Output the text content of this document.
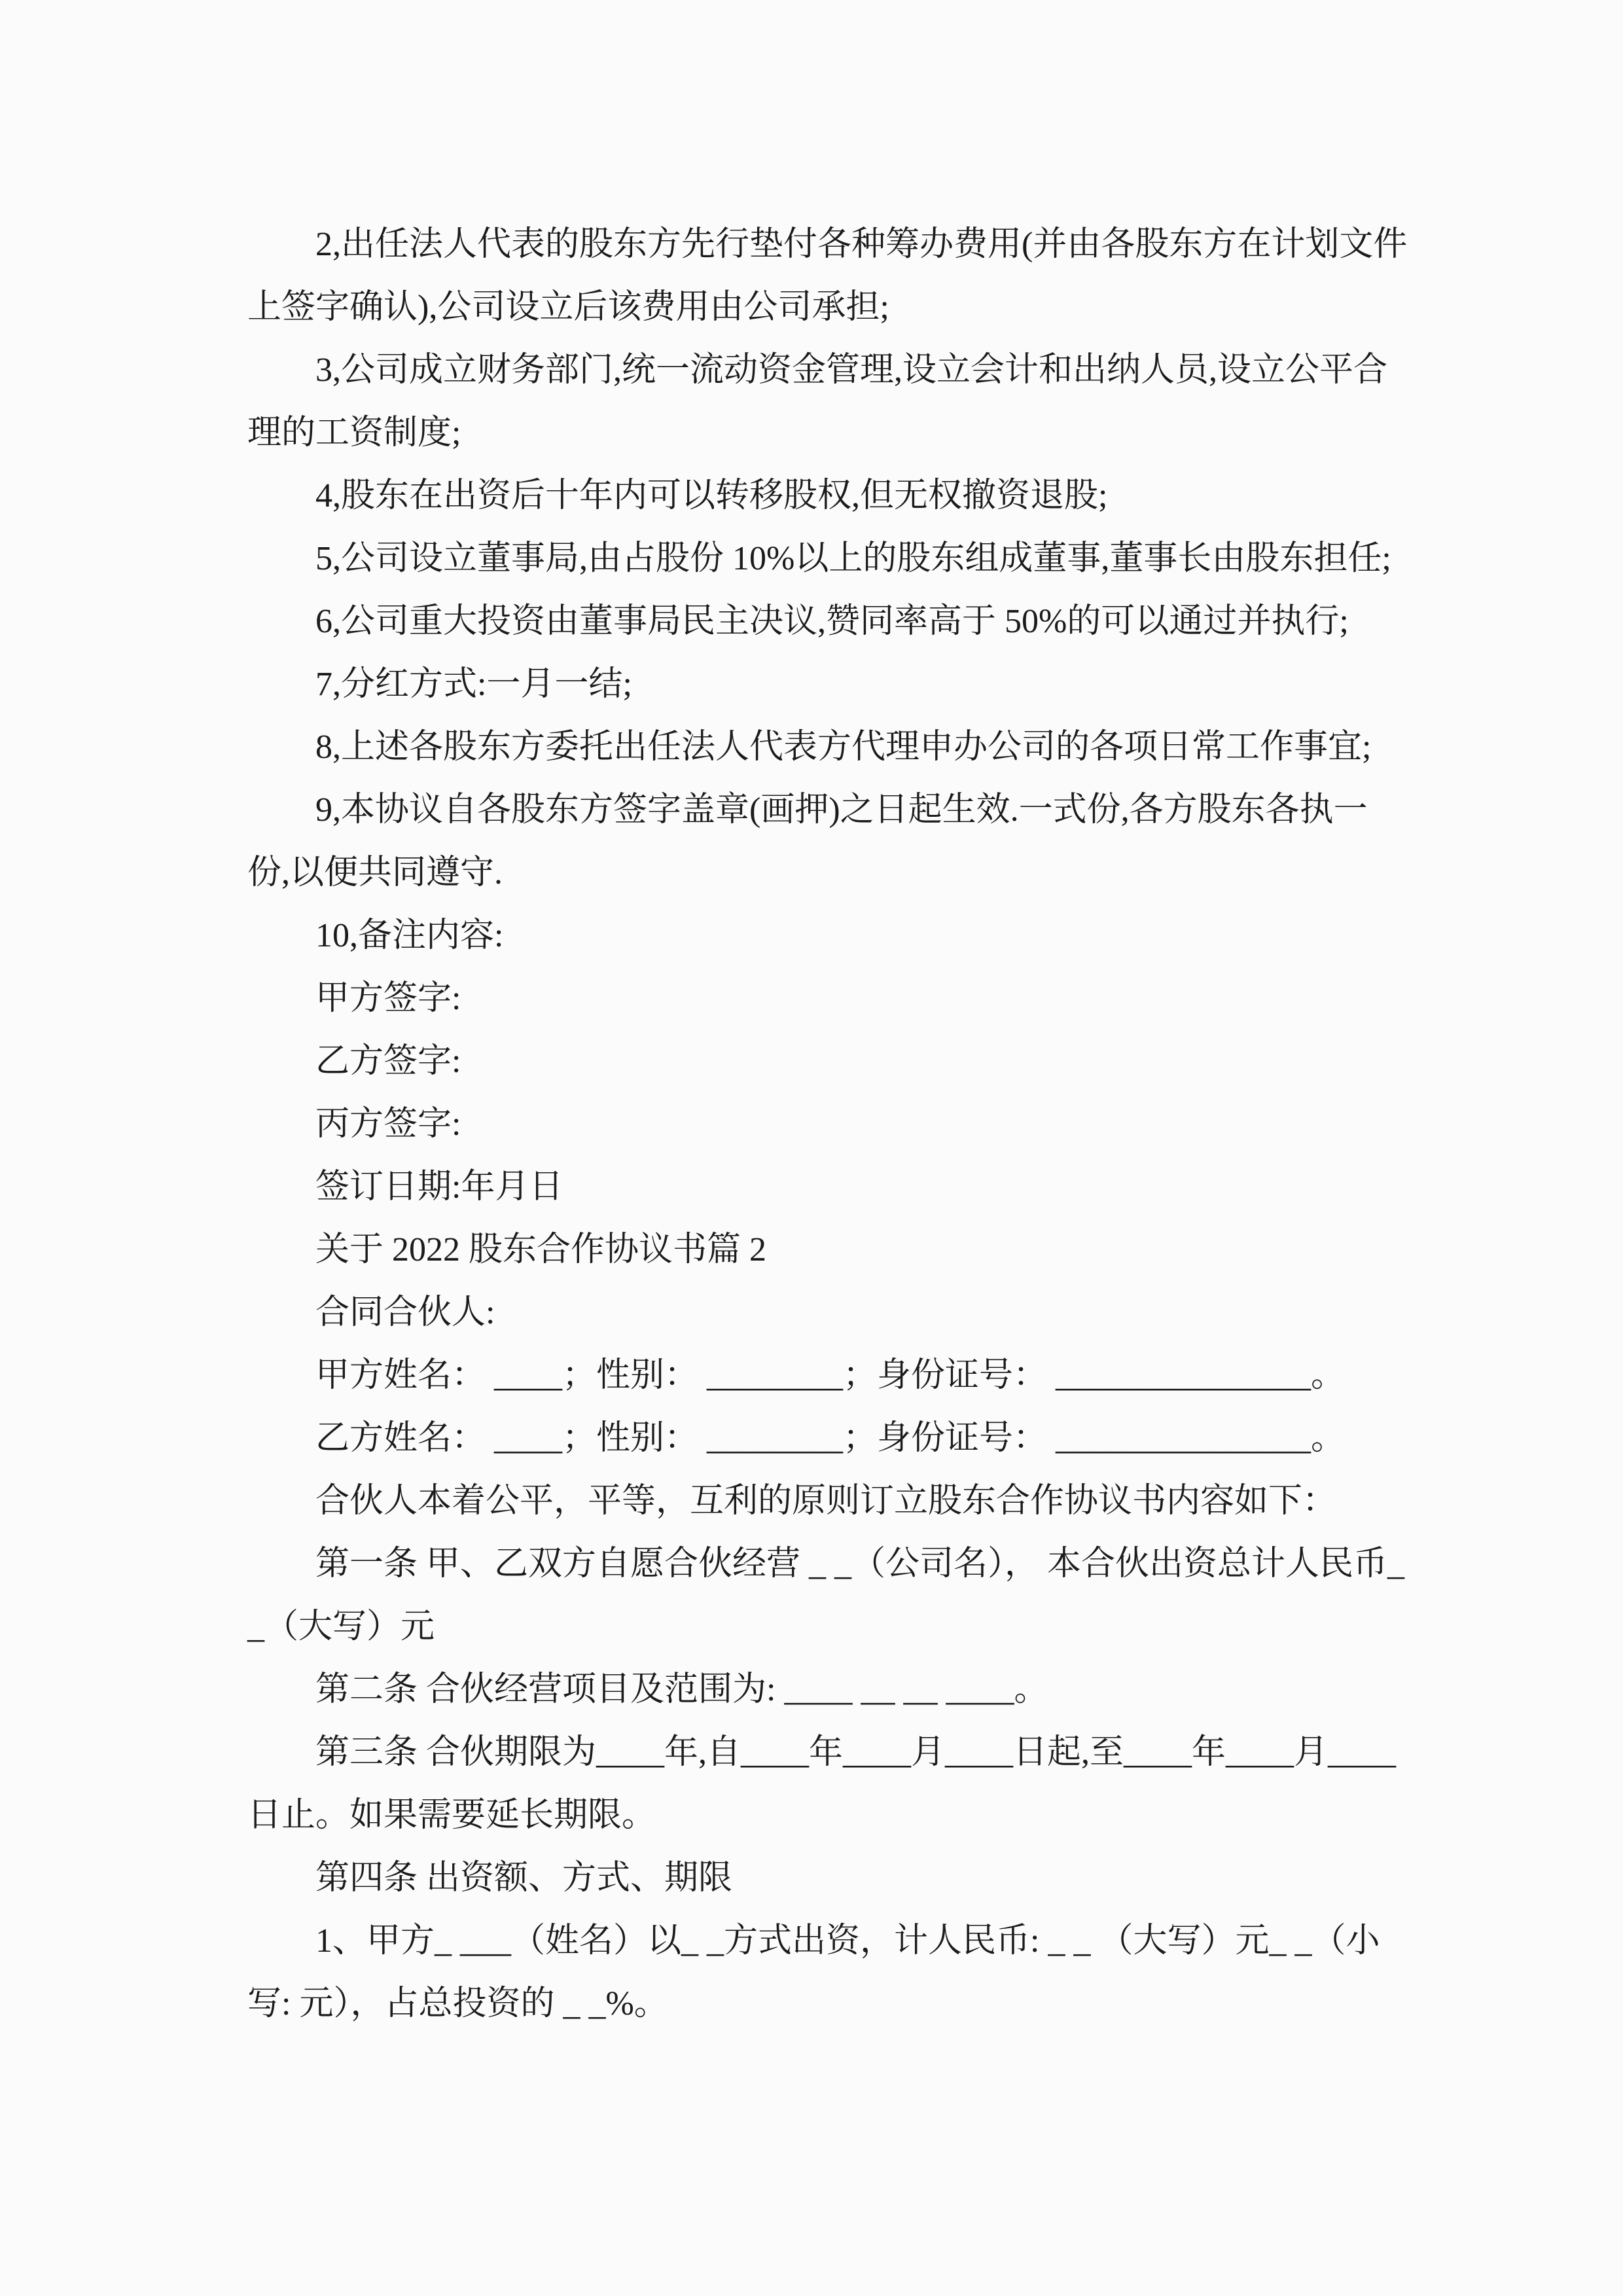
2,出任法人代表的股东方先行垫付各种筹办费用(并由各股东方在计划文件
上签字确认),公司设立后该费用由公司承担;
3,公司成立财务部门,统一流动资金管理,设立会计和出纳人员,设立公平合
理的工资制度;
4,股东在出资后十年内可以转移股权,但无权撤资退股;
5,公司设立董事局,由占股份 10%以上的股东组成董事,董事长由股东担任;
6,公司重大投资由董事局民主决议,赞同率高于 50%的可以通过并执行;
7,分红方式:一月一结;
8,上述各股东方委托出任法人代表方代理申办公司的各项日常工作事宜;
9,本协议自各股东方签字盖章(画押)之日起生效.一式份,各方股东各执一
份,以便共同遵守.
10,备注内容:
甲方签字:
乙方签字:
丙方签字:
签订日期:年月日
关于 2022 股东合作协议书篇 2
合同合伙人:
甲方姓名： ____；性别： ________；身份证号： _______________。
乙方姓名： ____；性别： ________；身份证号： _______________。
合伙人本着公平，平等，互利的原则订立股东合作协议书内容如下：
第一条 甲、乙双方自愿合伙经营 _ _（公司名）， 本合伙出资总计人民币_
_（大写）元
第二条 合伙经营项目及范围为: ____ __ __ ____。
第三条 合伙期限为____年,自____年____月____日起,至____年____月____
日止。如果需要延长期限。
第四条 出资额、方式、期限
1、甲方_ ___（姓名）以_ _方式出资，计人民币: _ _ （大写）元_ _（小
写: 元），占总投资的 _ _%。
